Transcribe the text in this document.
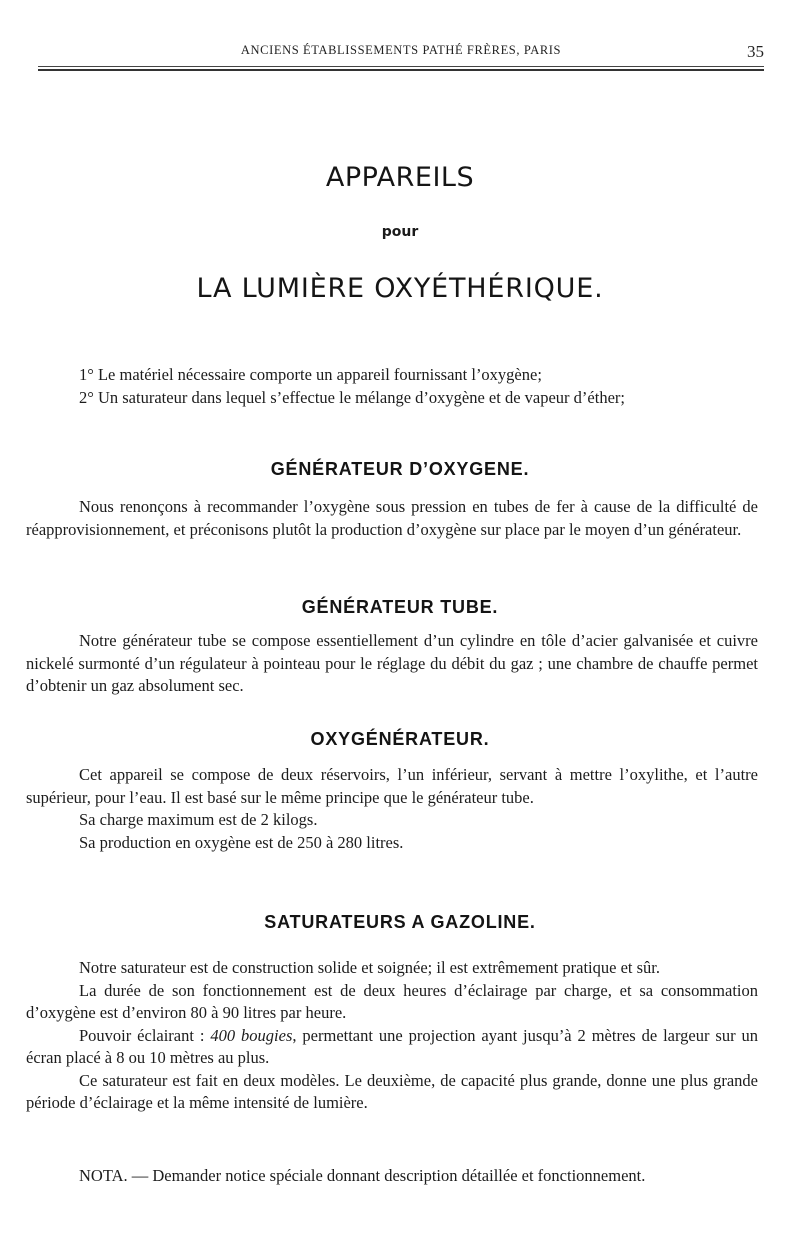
ANCIENS ÉTABLISSEMENTS PATHÉ FRÈRES, PARIS	35
APPAREILS
pour
LA LUMIÈRE OXYÉTHÉRIQUE.

1° Le matériel nécessaire comporte un appareil fournissant l’oxygène;

2° Un saturateur dans lequel s’effectue le mélange d’oxygène et de vapeur d’éther;

GÉNÉRATEUR D’OXYGENE.

Nous renonçons à recommander l’oxygène sous pression en tubes de fer à cause de la difficulté de réapprovisionnement, et préconisons plutôt la production d’oxygène sur place par le moyen d’un générateur.

GÉNÉRATEUR TUBE.

Notre générateur tube se compose essentiellement d’un cylindre en tôle d’acier galvanisée et cuivre nickelé surmonté d’un régulateur à pointeau pour le réglage du débit du gaz ; une chambre de chauffe permet d’obtenir un gaz absolument sec.

OXYGÉNÉRATEUR.

Cet appareil se compose de deux réservoirs, l’un inférieur, servant à mettre l’oxylithe, et l’autre supérieur, pour l’eau. Il est basé sur le même principe que le générateur tube.

Sa charge maximum est de 2 kilogs.

Sa production en oxygène est de 250 à 280 litres.

SATURATEURS A GAZOLINE.

Notre saturateur est de construction solide et soignée; il est extrêmement pratique et sûr.

La durée de son fonctionnement est de deux heures d’éclairage par charge, et sa consommation d’oxygène est d’environ 80 à 90 litres par heure.

Pouvoir éclairant : 400 bougies, permettant une projection ayant jusqu’à 2 mètres de largeur sur un écran placé à 8 ou 10 mètres au plus.

Ce saturateur est fait en deux modèles. Le deuxième, de capacité plus grande, donne une plus grande période d’éclairage et la même intensité de lumière.

NOTA. — Demander notice spéciale donnant description détaillée et fonctionnement.
